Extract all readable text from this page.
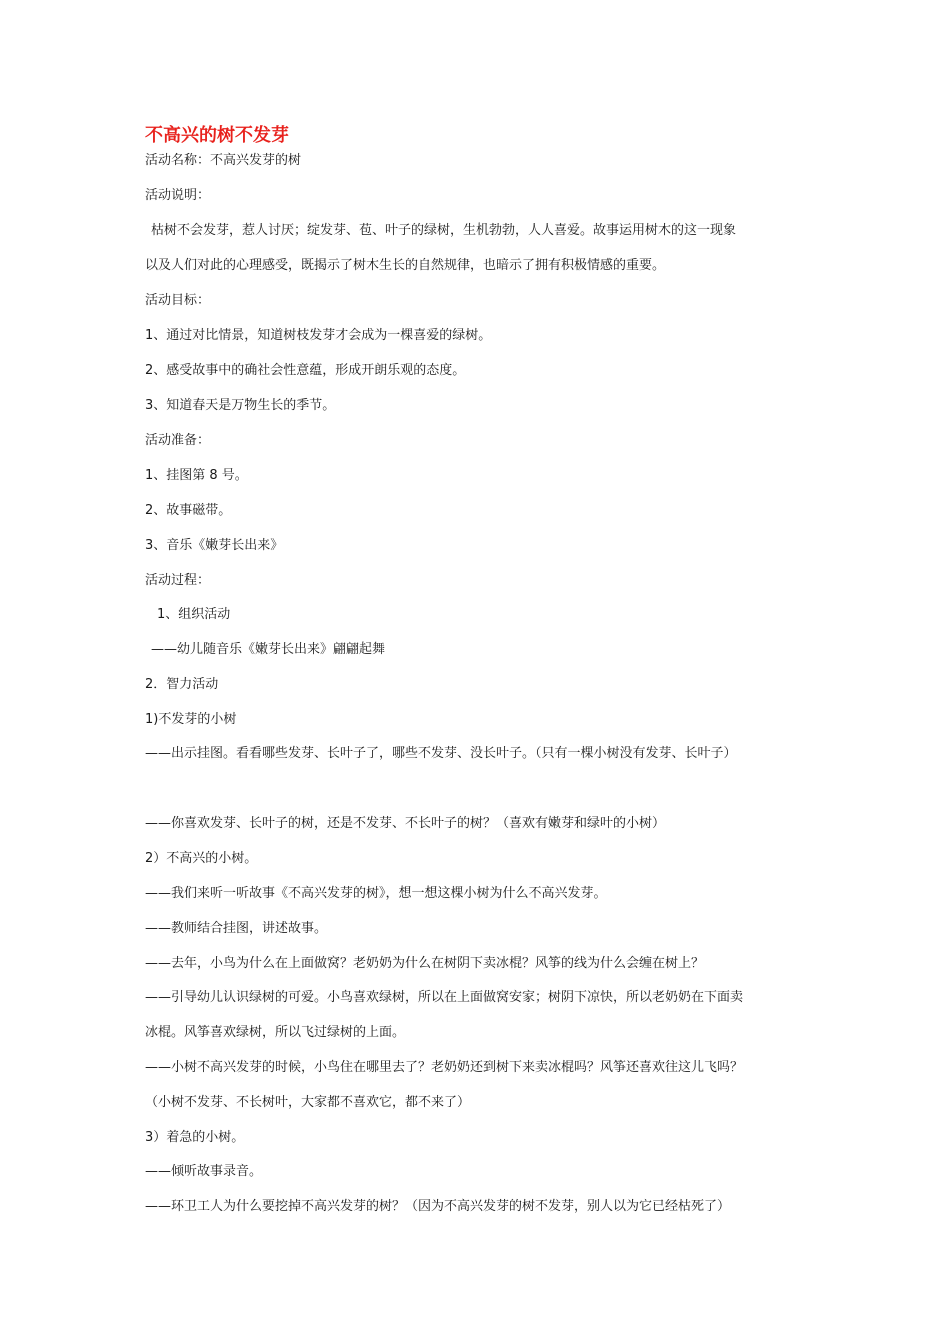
不高兴的树不发芽
活动名称：不高兴发芽的树
活动说明：
枯树不会发芽，惹人讨厌；绽发芽、苞、叶子的绿树，生机勃勃，人人喜爱。故事运用树木的这一现象
以及人们对此的心理感受，既揭示了树木生长的自然规律，也暗示了拥有积极情感的重要。
活动目标：
1、通过对比情景，知道树枝发芽才会成为一棵喜爱的绿树。
2、感受故事中的确社会性意蕴，形成开朗乐观的态度。
3、知道春天是万物生长的季节。
活动准备：
1、挂图第 8 号。
2、故事磁带。
3、音乐《嫩芽长出来》
活动过程：
1、组织活动
——幼儿随音乐《嫩芽长出来》翩翩起舞
2．智力活动
1)不发芽的小树
——出示挂图。看看哪些发芽、长叶子了，哪些不发芽、没长叶子。（只有一棵小树没有发芽、长叶子）
——你喜欢发芽、长叶子的树，还是不发芽、不长叶子的树？（喜欢有嫩芽和绿叶的小树）
2）不高兴的小树。
——我们来听一听故事《不高兴发芽的树》，想一想这棵小树为什么不高兴发芽。
——教师结合挂图，讲述故事。
——去年，小鸟为什么在上面做窝？老奶奶为什么在树阴下卖冰棍？风筝的线为什么会缠在树上？
——引导幼儿认识绿树的可爱。小鸟喜欢绿树，所以在上面做窝安家；树阴下凉快，所以老奶奶在下面卖
冰棍。风筝喜欢绿树，所以飞过绿树的上面。
——小树不高兴发芽的时候，小鸟住在哪里去了？老奶奶还到树下来卖冰棍吗？风筝还喜欢往这儿飞吗？
（小树不发芽、不长树叶，大家都不喜欢它，都不来了）
3）着急的小树。
——倾听故事录音。
——环卫工人为什么要挖掉不高兴发芽的树？（因为不高兴发芽的树不发芽，别人以为它已经枯死了）
